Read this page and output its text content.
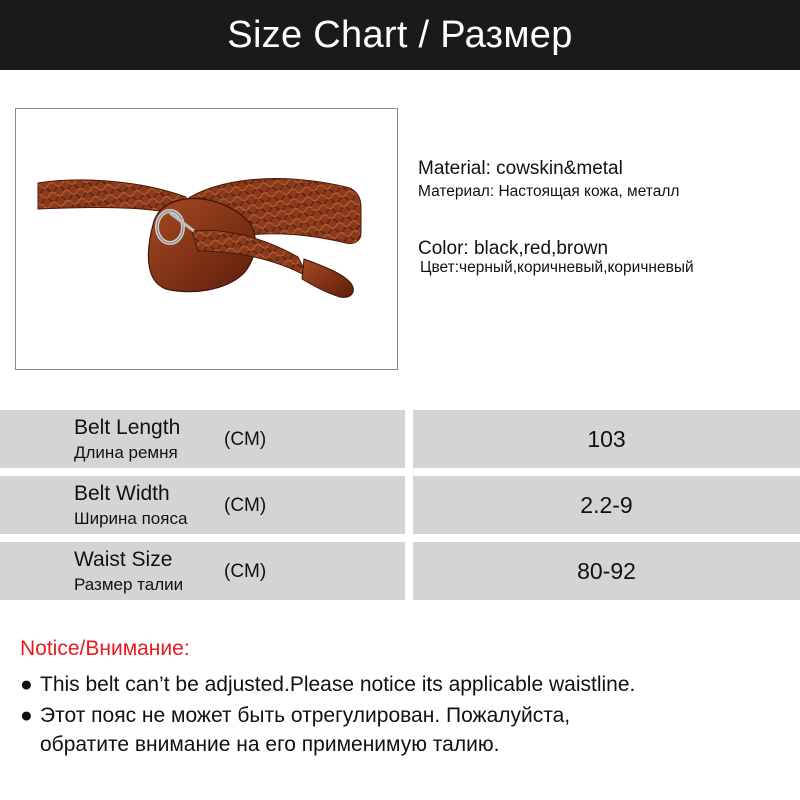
Size Chart / Размер
Material: cowskin&metal
Материал: Настоящая кожа, металл
Color: black,red,brown
Цвет:черный,коричневый,коричневый
Belt Length
Длина ремня
(CM)	103
Belt Width
Ширина пояса
(CM)	2.2-9
Waist Size
Размер талии
(CM)	80-92
Notice/Внимание:
● This belt can’t be adjusted.Please notice its applicable waistline.
● Этот пояс не может быть отрегулирован. Пожалуйста,
обратите внимание на его применимую талию.
